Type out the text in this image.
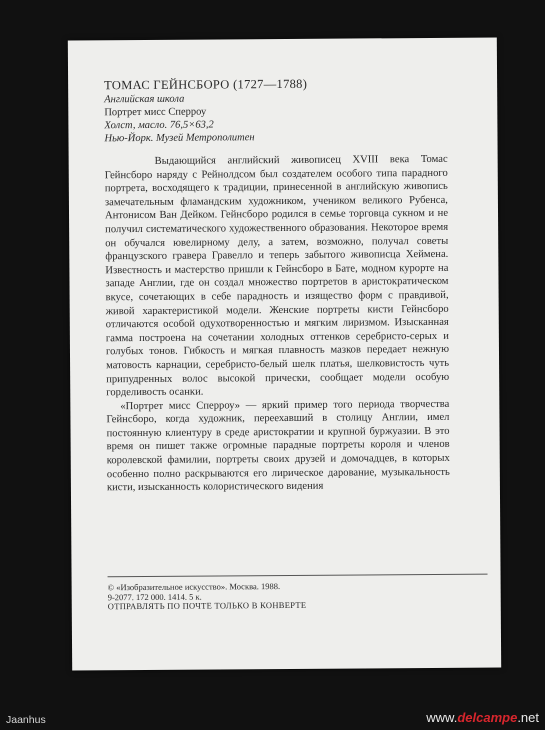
ТОМАС ГЕЙНСБОРО (1727—1788)
Английская школа
Портрет мисс Сперроу
Холст, масло. 76,5×63,2
Нью-Йорк. Музей Метрополитен

Выдающийся английский живописец XVIII века Томас Гейнсборо наряду с Рейнолдсом был создателем особого типа парадного портрета, восходящего к традиции, принесенной в английскую живопись замечательным фламандским художником, учеником великого Рубенса, Антонисом Ван Дейком. Гейнсборо родился в семье торговца сукном и не получил систематического художественного образования. Некоторое время он обучался ювелирному делу, а затем, возможно, получал советы французского гравера Гравелло и теперь забытого живописца Хеймена. Известность и мастерство пришли к Гейнсборо в Бате, модном курорте на западе Англии, где он создал множество портретов в аристократическом вкусе, сочетающих в себе парадность и изящество форм с правдивой, живой характеристикой модели. Женские портреты кисти Гейнсборо отличаются особой одухотворенностью и мягким лиризмом. Изысканная гамма построена на сочетании холодных оттенков серебристо-серых и голубых тонов. Гибкость и мягкая плавность мазков передает нежную матовость карнации, серебристо-белый шелк платья, шелковистость чуть припудренных волос высокой прически, сообщает модели особую горделивость осанки.

«Портрет мисс Сперроу» — яркий пример того периода творчества Гейнсборо, когда художник, переехавший в столицу Англии, имел постоянную клиентуру в среде аристократии и крупной буржуазии. В это время он пишет также огромные парадные портреты короля и членов королевской фамилии, портреты своих друзей и домочадцев, в которых особенно полно раскрываются его лирическое дарование, музыкальность кисти, изысканность колористического видения

© «Изобразительное искусство». Москва. 1988.
9-2077. 172 000. 1414. 5 к.
ОТПРАВЛЯТЬ ПО ПОЧТЕ ТОЛЬКО В КОНВЕРТЕ
Jaanhus	www.delcampe.net
